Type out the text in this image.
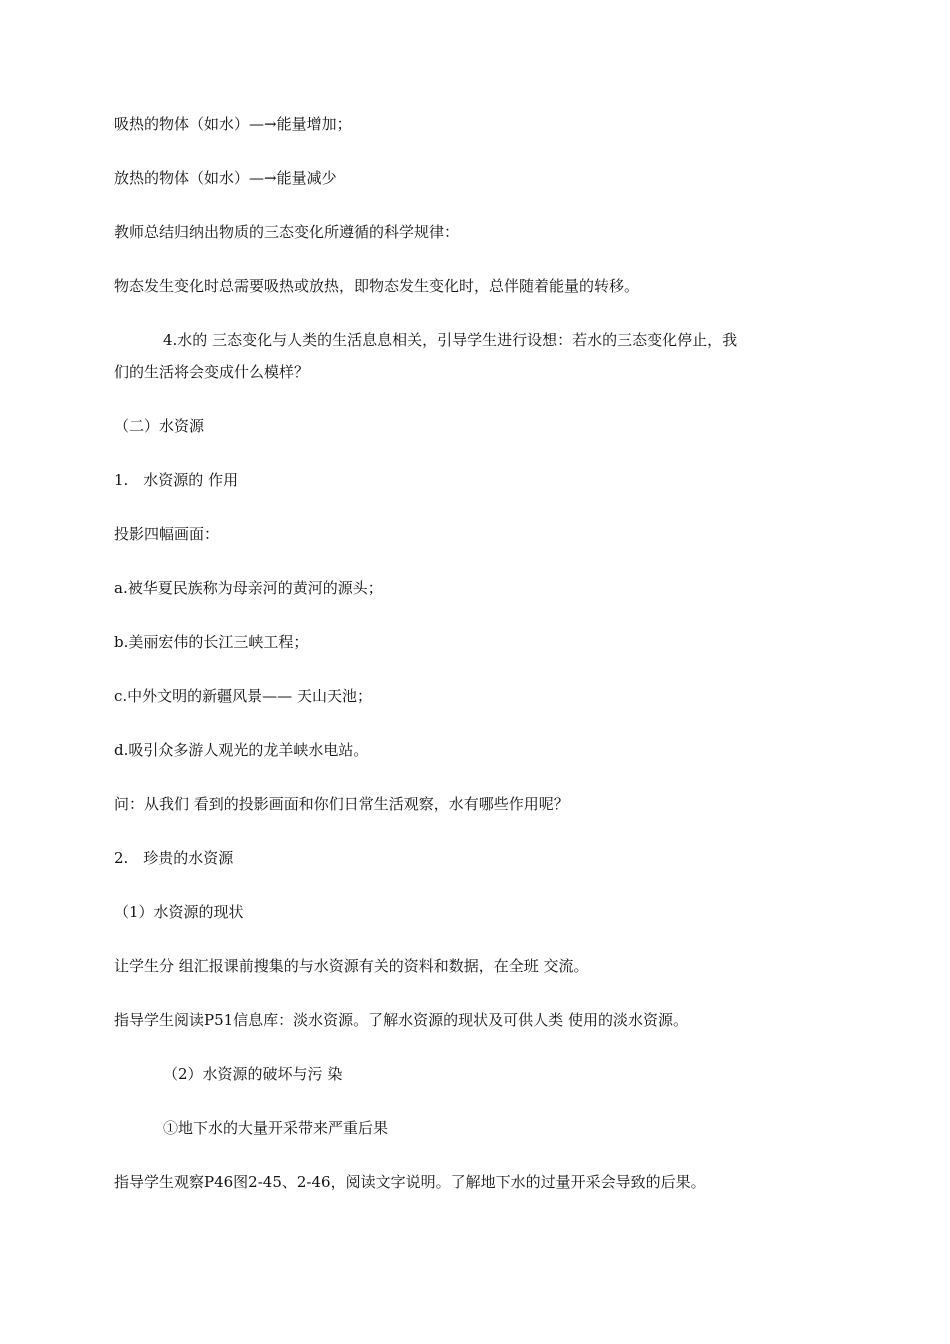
吸热的物体（如水）—→能量增加；
放热的物体（如水）—→能量减少
教师总结归纳出物质的三态变化所遵循的科学规律：
物态发生变化时总需要吸热或放热，即物态发生变化时，总伴随着能量的转移。
4.水的 三态变化与人类的生活息息相关，引导学生进行设想：若水的三态变化停止，我
们的生活将会变成什么模样？
（二）水资源
1.　水资源的 作用
投影四幅画面：
a.被华夏民族称为母亲河的黄河的源头；
b.美丽宏伟的长江三峡工程；
c.中外文明的新疆风景—— 天山天池；
d.吸引众多游人观光的龙羊峡水电站。
问：从我们 看到的投影画面和你们日常生活观察，水有哪些作用呢？
2.　珍贵的水资源
（1）水资源的现状
让学生分 组汇报课前搜集的与水资源有关的资料和数据，在全班 交流。
指导学生阅读P51信息库：淡水资源。了解水资源的现状及可供人类 使用的淡水资源。
（2）水资源的破坏与污 染
①地下水的大量开采带来严重后果
指导学生观察P46图2-45、2-46，阅读文字说明。了解地下水的过量开采会导致的后果。
